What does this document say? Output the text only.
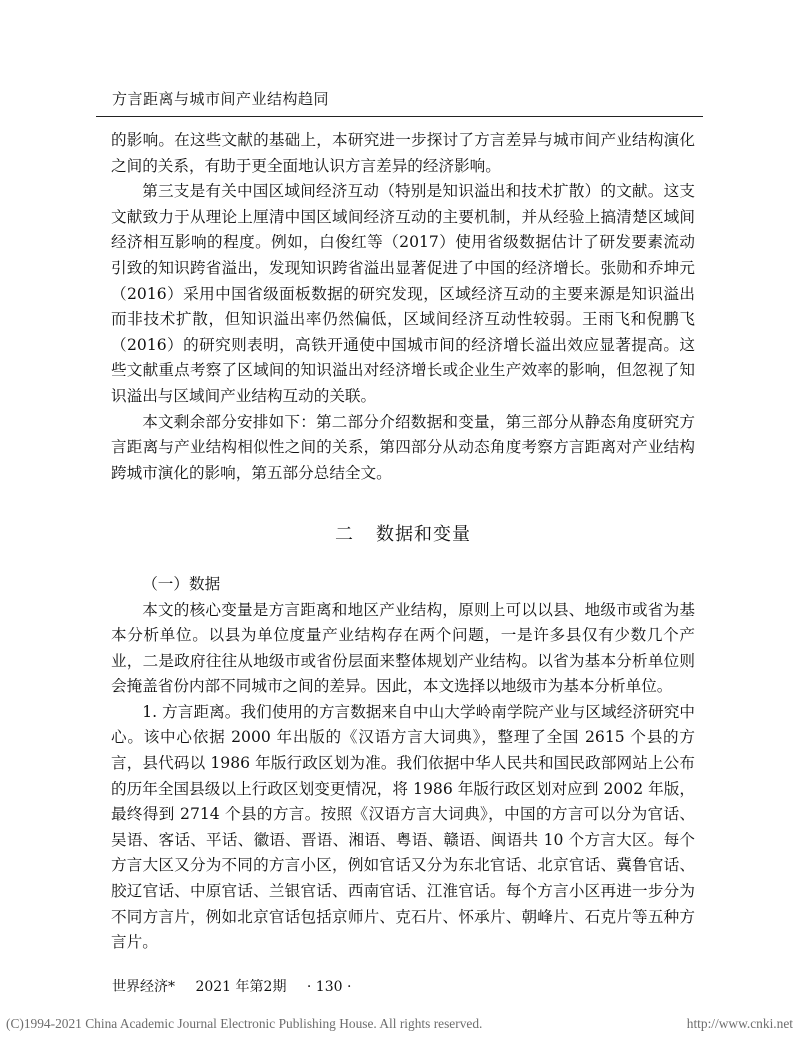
方言距离与城市间产业结构趋同

的影响。在这些文献的基础上，本研究进一步探讨了方言差异与城市间产业结构演化之间的关系，有助于更全面地认识方言差异的经济影响。

第三支是有关中国区域间经济互动（特别是知识溢出和技术扩散）的文献。这支文献致力于从理论上厘清中国区域间经济互动的主要机制，并从经验上搞清楚区域间经济相互影响的程度。例如，白俊红等（2017）使用省级数据估计了研发要素流动引致的知识跨省溢出，发现知识跨省溢出显著促进了中国的经济增长。张勋和乔坤元（2016）采用中国省级面板数据的研究发现，区域经济互动的主要来源是知识溢出而非技术扩散，但知识溢出率仍然偏低，区域间经济互动性较弱。王雨飞和倪鹏飞（2016）的研究则表明，高铁开通使中国城市间的经济增长溢出效应显著提高。这些文献重点考察了区域间的知识溢出对经济增长或企业生产效率的影响，但忽视了知识溢出与区域间产业结构互动的关联。

本文剩余部分安排如下：第二部分介绍数据和变量，第三部分从静态角度研究方言距离与产业结构相似性之间的关系，第四部分从动态角度考察方言距离对产业结构跨城市演化的影响，第五部分总结全文。

二 数据和变量

（一）数据

本文的核心变量是方言距离和地区产业结构，原则上可以以县、地级市或省为基本分析单位。以县为单位度量产业结构存在两个问题，一是许多县仅有少数几个产业，二是政府往往从地级市或省份层面来整体规划产业结构。以省为基本分析单位则会掩盖省份内部不同城市之间的差异。因此，本文选择以地级市为基本分析单位。

1. 方言距离。我们使用的方言数据来自中山大学岭南学院产业与区域经济研究中心。该中心依据 2000 年出版的《汉语方言大词典》，整理了全国 2615 个县的方言，县代码以 1986 年版行政区划为准。我们依据中华人民共和国民政部网站上公布的历年全国县级以上行政区划变更情况，将 1986 年版行政区划对应到 2002 年版，最终得到 2714 个县的方言。按照《汉语方言大词典》，中国的方言可以分为官话、吴语、客话、平话、徽语、晋语、湘语、粤语、赣语、闽语共 10 个方言大区。每个方言大区又分为不同的方言小区，例如官话又分为东北官话、北京官话、冀鲁官话、胶辽官话、中原官话、兰银官话、西南官话、江淮官话。每个方言小区再进一步分为不同方言片，例如北京官话包括京师片、克石片、怀承片、朝峰片、石克片等五种方言片。

世界经济* 2021 年第2期 · 130 ·
(C)1994-2021 China Academic Journal Electronic Publishing House. All rights reserved.	http://www.cnki.net
